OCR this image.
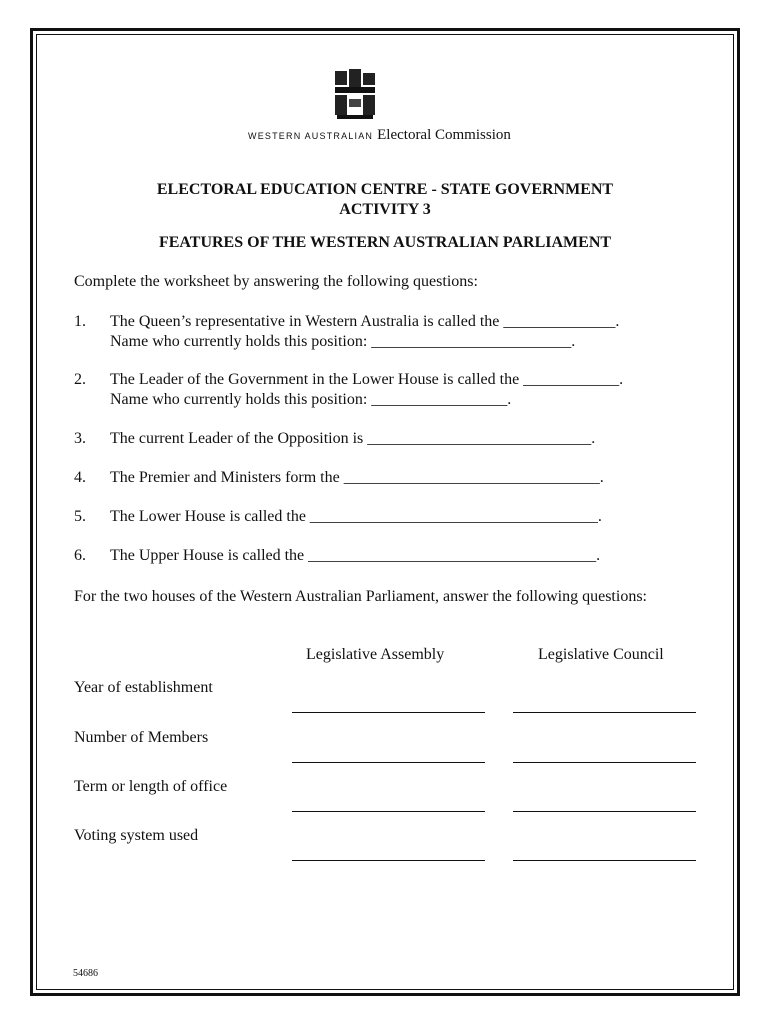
WESTERN AUSTRALIAN Electoral Commission
ELECTORAL EDUCATION CENTRE - STATE GOVERNMENT
ACTIVITY 3
FEATURES OF THE WESTERN AUSTRALIAN PARLIAMENT
Complete the worksheet by answering the following questions:
1. The Queen’s representative in Western Australia is called the ______________.
Name who currently holds this position: _________________________.
2. The Leader of the Government in the Lower House is called the ____________.
Name who currently holds this position: _________________.
3. The current Leader of the Opposition is ____________________________.
4. The Premier and Ministers form the ________________________________.
5. The Lower House is called the ____________________________________.
6. The Upper House is called the ____________________________________.
For the two houses of the Western Australian Parliament, answer the following questions:
Legislative Assembly	Legislative Council
Year of establishment
Number of Members
Term or length of office
Voting system used
54686
